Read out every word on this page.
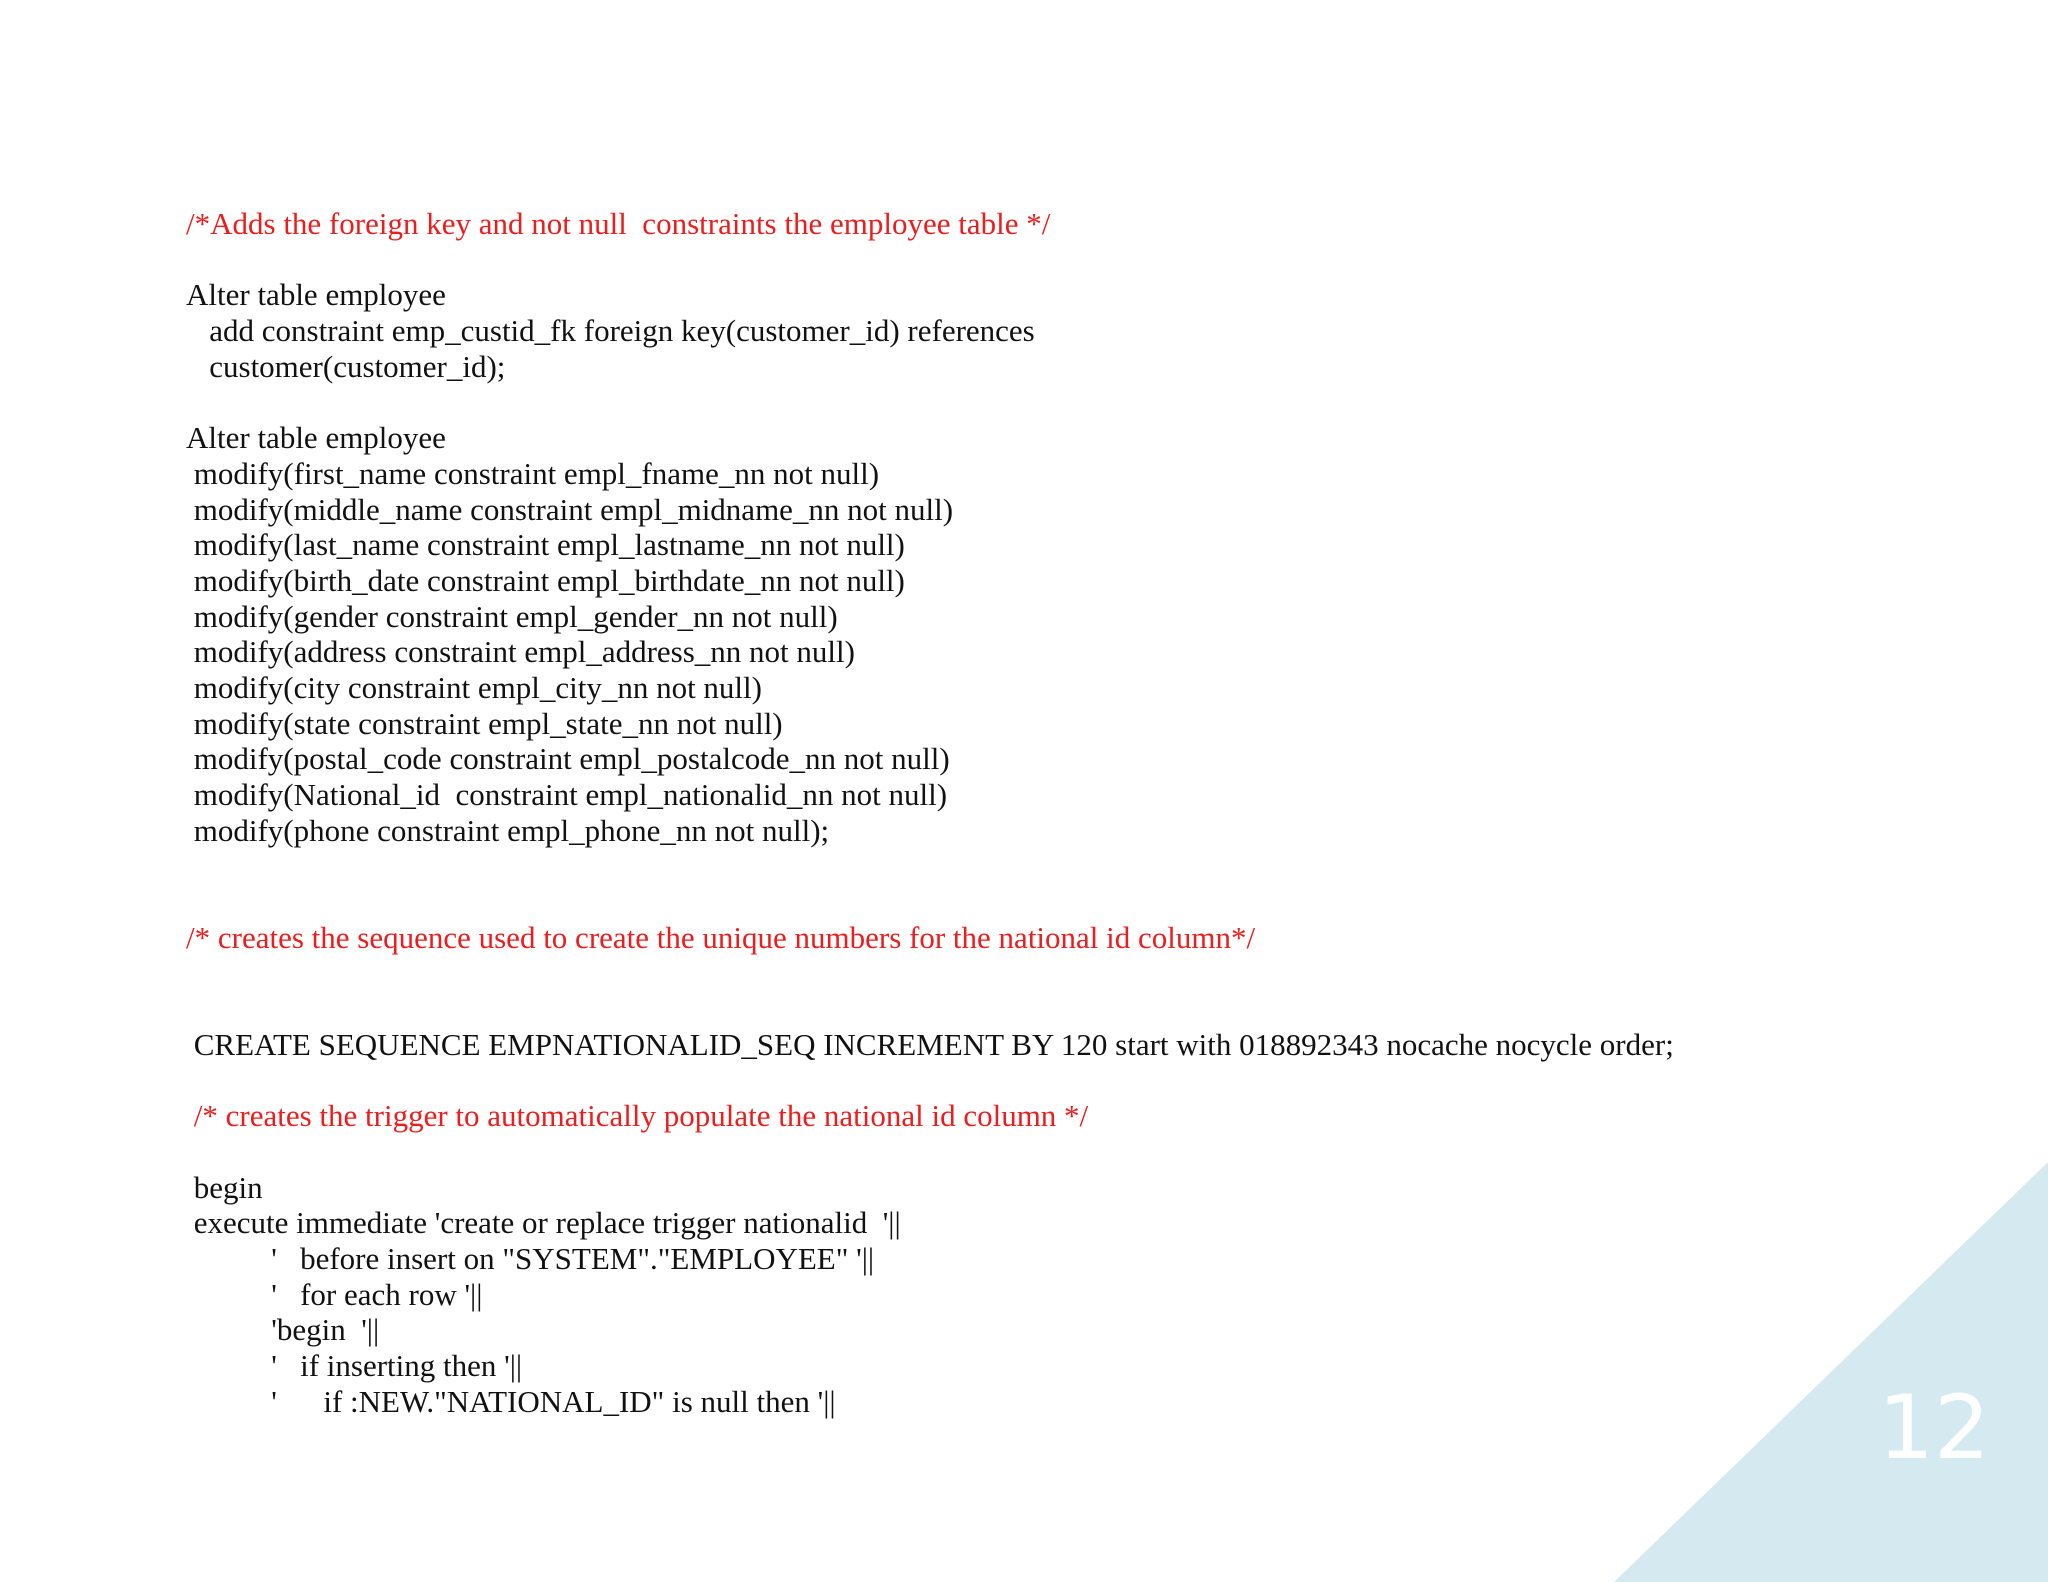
/*Adds the foreign key and not null  constraints the employee table */
Alter table employee
add constraint emp_custid_fk foreign key(customer_id) references
customer(customer_id);
Alter table employee
modify(first_name constraint empl_fname_nn not null)
modify(middle_name constraint empl_midname_nn not null)
modify(last_name constraint empl_lastname_nn not null)
modify(birth_date constraint empl_birthdate_nn not null)
modify(gender constraint empl_gender_nn not null)
modify(address constraint empl_address_nn not null)
modify(city constraint empl_city_nn not null)
modify(state constraint empl_state_nn not null)
modify(postal_code constraint empl_postalcode_nn not null)
modify(National_id  constraint empl_nationalid_nn not null)
modify(phone constraint empl_phone_nn not null);
/* creates the sequence used to create the unique numbers for the national id column*/
CREATE SEQUENCE EMPNATIONALID_SEQ INCREMENT BY 120 start with 018892343 nocache nocycle order;
/* creates the trigger to automatically populate the national id column */
begin
execute immediate 'create or replace trigger nationalid  '||
'   before insert on "SYSTEM"."EMPLOYEE" '||
'   for each row '||
'begin  '||
'   if inserting then '||
'      if :NEW."NATIONAL_ID" is null then '||	12
